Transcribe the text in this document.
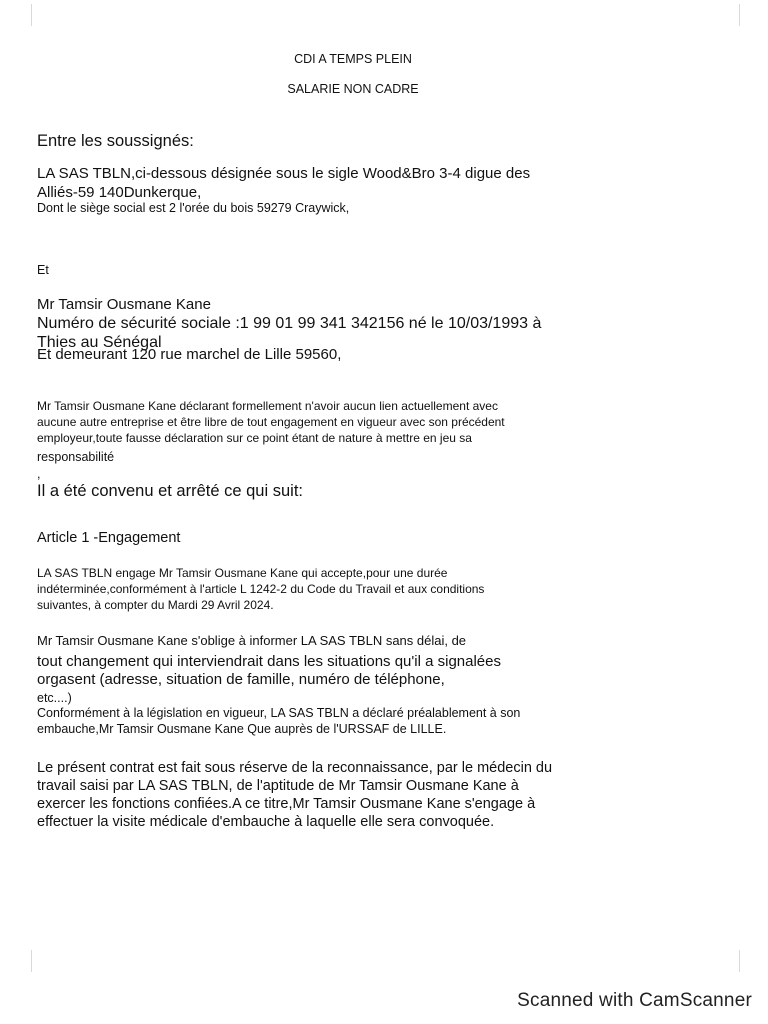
CDI A TEMPS PLEIN

SALARIE NON CADRE

Entre les soussignés:

LA SAS TBLN,ci-dessous désignée sous le sigle Wood&Bro 3-4 digue des

Alliés-59 140Dunkerque,

Dont le siège social est 2 l'orée du bois 59279 Craywick,

Et

Mr Tamsir Ousmane Kane

Numéro de sécurité sociale :1 99 01 99 341 342156 né le 10/03/1993 à

Thies au Sénégal

Et demeurant 120 rue marchel de Lille 59560,

Mr Tamsir Ousmane Kane déclarant formellement n'avoir aucun lien actuellement avec

aucune autre entreprise et être libre de tout engagement en vigueur avec son précédent

employeur,toute fausse déclaration sur ce point étant de nature à mettre en jeu sa

responsabilité

,

Il a été convenu et arrêté ce qui suit:

Article 1 -Engagement

LA SAS TBLN engage Mr Tamsir Ousmane Kane qui accepte,pour une durée

indéterminée,conformément à l'article L 1242-2 du Code du Travail et aux conditions

suivantes, à compter du Mardi 29 Avril 2024.

Mr Tamsir Ousmane Kane s'oblige à informer LA SAS TBLN sans délai, de

tout changement qui interviendrait dans les situations qu'il a signalées

orgasent (adresse, situation de famille, numéro de téléphone,

etc....)

Conformément à la législation en vigueur, LA SAS TBLN a déclaré préalablement à son

embauche,Mr Tamsir Ousmane Kane Que auprès de l'URSSAF de LILLE.

Le présent contrat est fait sous réserve de la reconnaissance, par le médecin du

travail saisi par LA SAS TBLN, de l'aptitude de Mr Tamsir Ousmane Kane à

exercer les fonctions confiées.A ce titre,Mr Tamsir Ousmane Kane s'engage à

effectuer la visite médicale d'embauche à laquelle elle sera convoquée.

Scanned with CamScanner
